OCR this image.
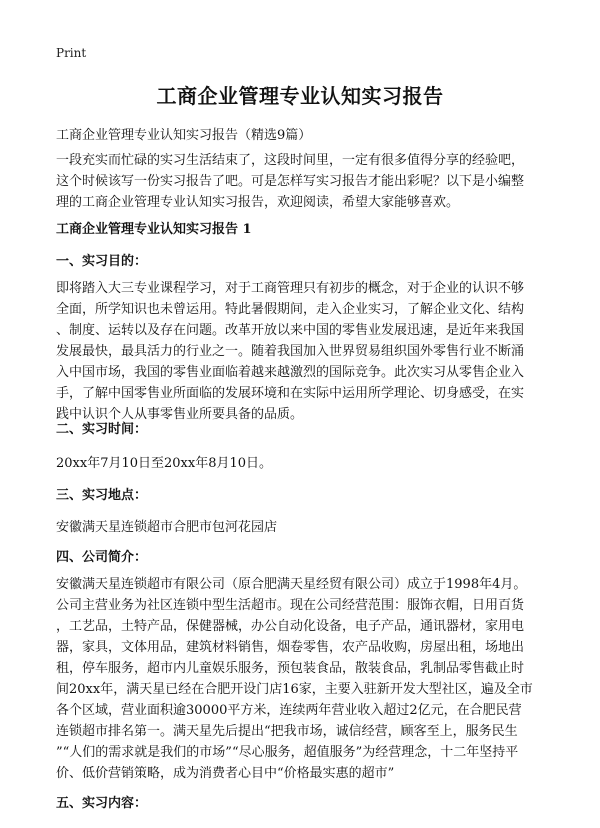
Print
工商企业管理专业认知实习报告
工商企业管理专业认知实习报告（精选9篇）
一段充实而忙碌的实习生活结束了，这段时间里，一定有很多值得分享的经验吧，
这个时候该写一份实习报告了吧。可是怎样写实习报告才能出彩呢？以下是小编整
理的工商企业管理专业认知实习报告，欢迎阅读，希望大家能够喜欢。
工商企业管理专业认知实习报告 1
一、实习目的：
即将踏入大三专业课程学习，对于工商管理只有初步的概念，对于企业的认识不够
全面，所学知识也未曾运用。特此暑假期间，走入企业实习，了解企业文化、结构
、制度、运转以及存在问题。改革开放以来中国的零售业发展迅速，是近年来我国
发展最快，最具活力的行业之一。随着我国加入世界贸易组织国外零售行业不断涌
入中国市场，我国的零售业面临着越来越激烈的国际竞争。此次实习从零售企业入
手，了解中国零售业所面临的发展环境和在实际中运用所学理论、切身感受，在实
践中认识个人从事零售业所要具备的品质。
二、实习时间：
20xx年7月10日至20xx年8月10日。
三、实习地点：
安徽满天星连锁超市合肥市包河花园店
四、公司简介：
安徽满天星连锁超市有限公司（原合肥满天星经贸有限公司）成立于1998年4月。
公司主营业务为社区连锁中型生活超市。现在公司经营范围：服饰衣帽，日用百货
，工艺品，土特产品，保健器械，办公自动化设备，电子产品，通讯器材，家用电
器，家具，文体用品，建筑材料销售，烟卷零售，农产品收购，房屋出租，场地出
租，停车服务，超市内儿童娱乐服务，预包装食品，散装食品，乳制品零售截止时
间20xx年，满天星已经在合肥开设门店16家，主要入驻新开发大型社区，遍及全市
各个区域，营业面积逾30000平方米，连续两年营业收入超过2亿元，在合肥民营
连锁超市排名第一。满天星先后提出“把我市场，诚信经营，顾客至上，服务民生
”“人们的需求就是我们的市场”“尽心服务，超值服务”为经营理念，十二年坚持平
价、低价营销策略，成为消费者心目中“价格最实惠的超市”
五、实习内容：
